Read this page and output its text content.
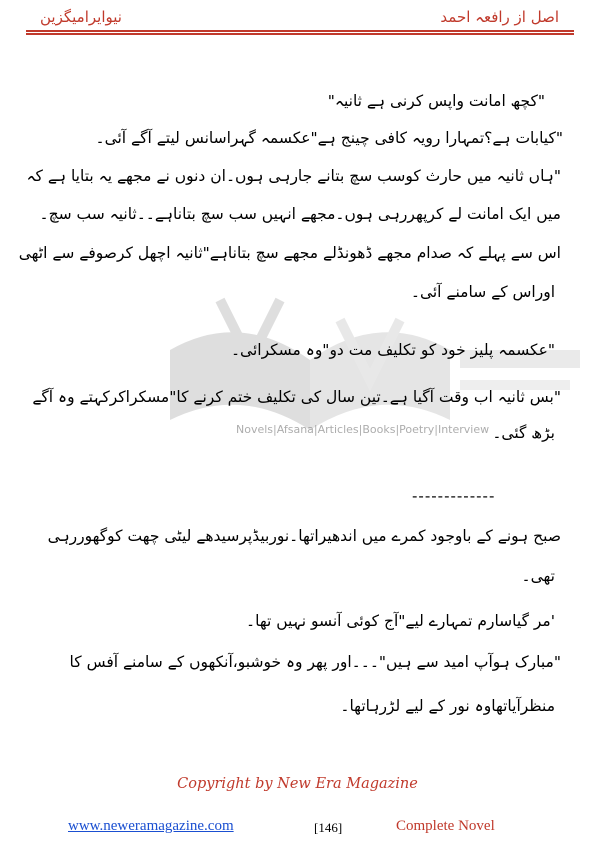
نیوایرامیگزین	اصل از رافعہ احمد
Novels|Afsana|Articles|Books|Poetry|Interview
"کچھ امانت واپس کرنی ہے ثانیہ"
"کیابات ہے؟تمہارا رویہ کافی چینج ہے"عکسمہ گہراسانس لیتے آگے آئی۔
"ہاں ثانیہ میں حارث کوسب سچ بتانے جارہی ہوں۔ان دنوں نے مجھے یہ بتایا ہے کہ
میں ایک امانت لے کرپھررہی ہوں۔مجھے انہیں سب سچ بتاناہے۔۔ثانیہ سب سچ۔
اس سے پہلے کہ صدام مجھے ڈھونڈلے مجھے سچ بتاناہے"ثانیہ اچھل کرصوفے سے اٹھی
اوراس کے سامنے آئی۔
"عکسمہ پلیز خود کو تکلیف مت دو"وہ مسکرائی۔
"بس ثانیہ اب وقت آگیا ہے۔تین سال کی تکلیف ختم کرنے کا"مسکراکرکہتے وہ آگے
بڑھ گئی۔
-------------
صبح ہونے کے باوجود کمرے میں اندھیراتھا۔نوربیڈپرسیدھے لیٹی چھت کوگھوررہی
تھی۔
'مر گیاسارم تمہارے لیے"آج کوئی آنسو نہیں تھا۔
"مبارک ہوآپ امید سے ہیں"۔۔۔اور پھر وہ خوشبو،آنکھوں کے سامنے آفس کا
منظرآیاتھاوہ نور کے لیے لڑرہاتھا۔
Copyright by New Era Magazine
www.neweramagazine.com	[146]	Complete Novel
